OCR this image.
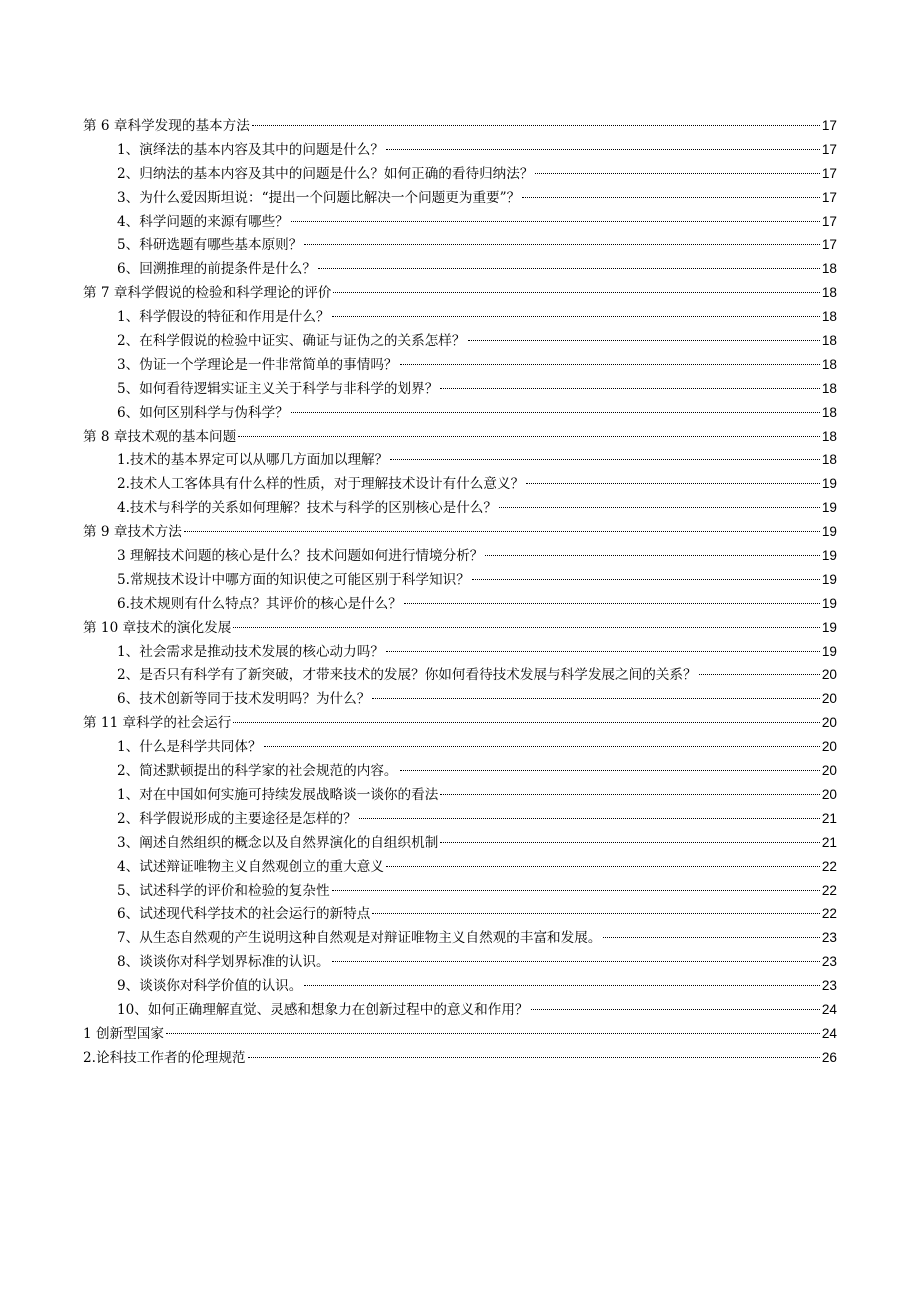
第 6 章科学发现的基本方法	17
1、演绎法的基本内容及其中的问题是什么？	17
2、归纳法的基本内容及其中的问题是什么？如何正确的看待归纳法？	17
3、为什么爱因斯坦说：“提出一个问题比解决一个问题更为重要”？	17
4、科学问题的来源有哪些？	17
5、科研选题有哪些基本原则？	17
6、回溯推理的前提条件是什么？	18
第 7 章科学假说的检验和科学理论的评价	18
1、科学假设的特征和作用是什么？	18
2、在科学假说的检验中证实、确证与证伪之的关系怎样？	18
3、伪证一个学理论是一件非常简单的事情吗？	18
5、如何看待逻辑实证主义关于科学与非科学的划界？	18
6、如何区别科学与伪科学？	18
第 8 章技术观的基本问题	18
1.技术的基本界定可以从哪几方面加以理解？	18
2.技术人工客体具有什么样的性质，对于理解技术设计有什么意义？	19
4.技术与科学的关系如何理解？技术与科学的区别核心是什么？	19
第 9 章技术方法	19
3 理解技术问题的核心是什么？技术问题如何进行情境分析？	19
5.常规技术设计中哪方面的知识使之可能区别于科学知识？	19
6.技术规则有什么特点？其评价的核心是什么？	19
第 10 章技术的演化发展	19
1、社会需求是推动技术发展的核心动力吗？	19
2、是否只有科学有了新突破，才带来技术的发展？你如何看待技术发展与科学发展之间的关系？	20
6、技术创新等同于技术发明吗？为什么？	20
第 11 章科学的社会运行	20
1、什么是科学共同体？	20
2、简述默顿提出的科学家的社会规范的内容。	20
1、对在中国如何实施可持续发展战略谈一谈你的看法	20
2、科学假说形成的主要途径是怎样的？	21
3、阐述自然组织的概念以及自然界演化的自组织机制	21
4、试述辩证唯物主义自然观创立的重大意义	22
5、试述科学的评价和检验的复杂性	22
6、试述现代科学技术的社会运行的新特点	22
7、从生态自然观的产生说明这种自然观是对辩证唯物主义自然观的丰富和发展。	23
8、谈谈你对科学划界标准的认识。	23
9、谈谈你对科学价值的认识。	23
10、如何正确理解直觉、灵感和想象力在创新过程中的意义和作用？	24
1 创新型国家	24
2.论科技工作者的伦理规范	26
